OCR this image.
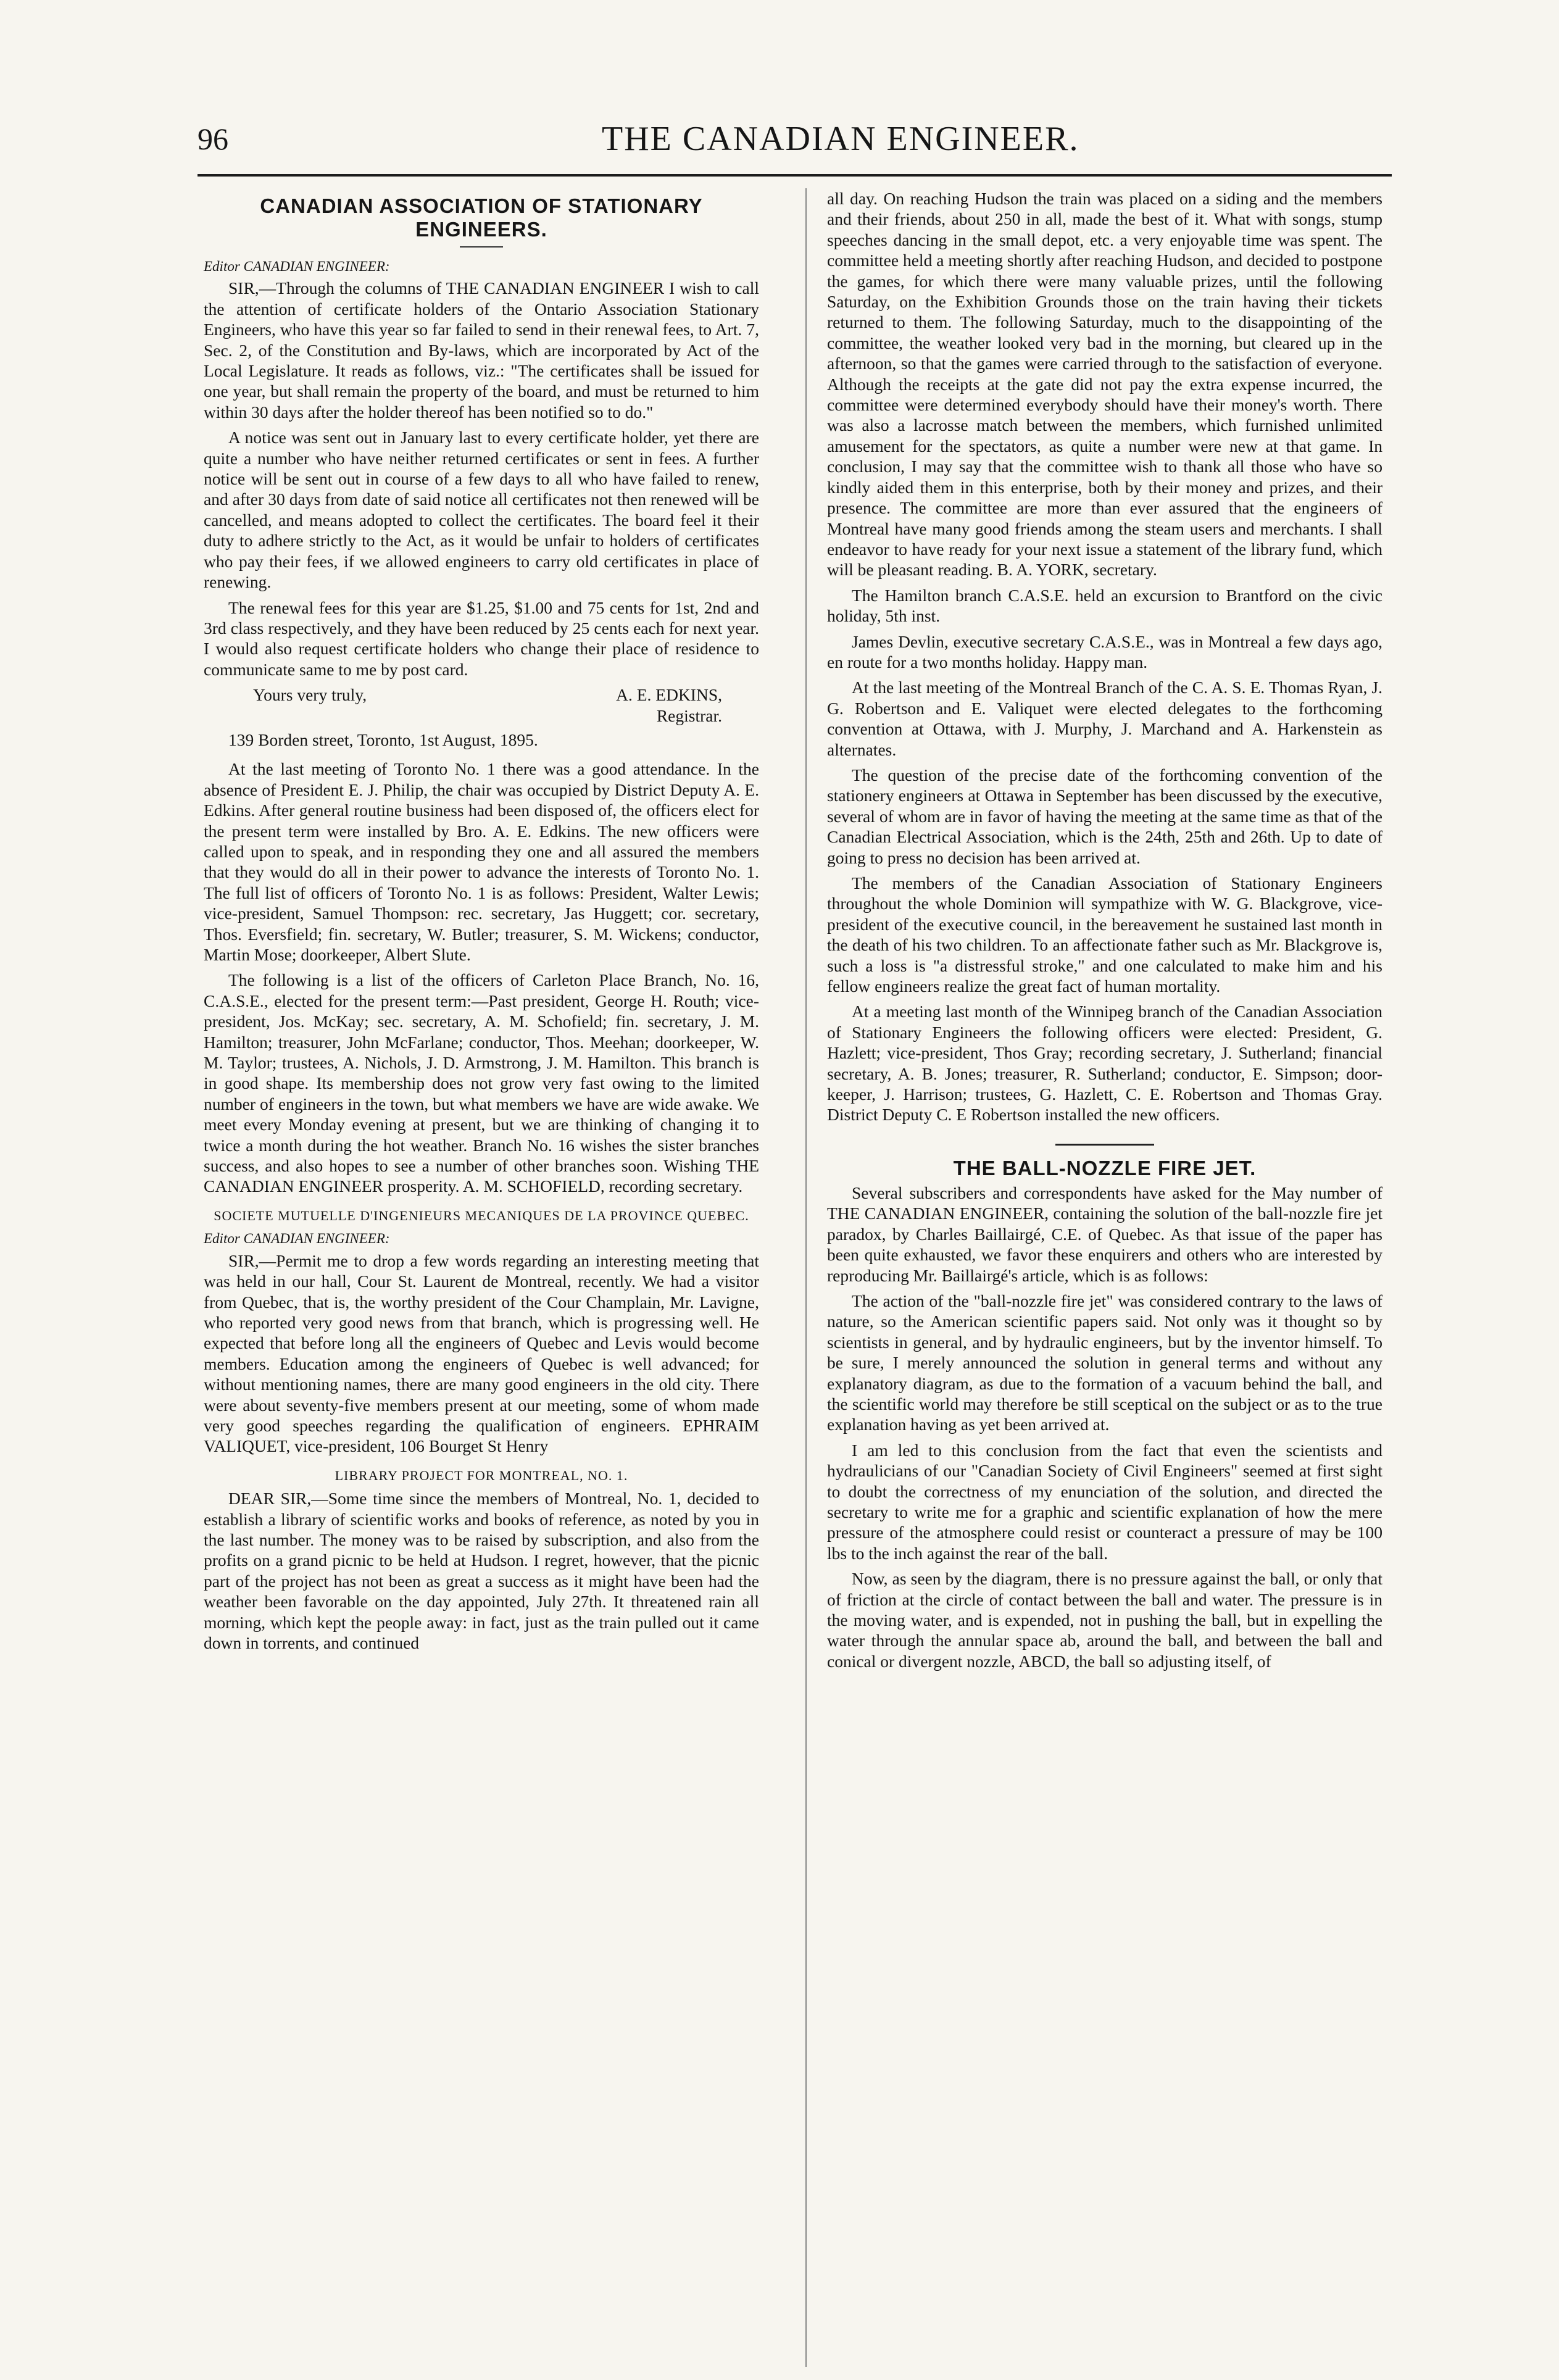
96	THE CANADIAN ENGINEER.
CANADIAN ASSOCIATION OF STATIONARY ENGINEERS.
Editor CANADIAN ENGINEER:

SIR,—Through the columns of THE CANADIAN ENGINEER I wish to call the attention of certificate holders of the Ontario Association Stationary Engineers, who have this year so far failed to send in their renewal fees, to Art. 7, Sec. 2, of the Constitution and By-laws, which are incorporated by Act of the Local Legislature. It reads as follows, viz.: "The certificates shall be issued for one year, but shall remain the property of the board, and must be returned to him within 30 days after the holder thereof has been notified so to do."

A notice was sent out in January last to every certificate holder, yet there are quite a number who have neither returned certificates or sent in fees. A further notice will be sent out in course of a few days to all who have failed to renew, and after 30 days from date of said notice all certificates not then renewed will be cancelled, and means adopted to collect the certificates. The board feel it their duty to adhere strictly to the Act, as it would be unfair to holders of certificates who pay their fees, if we allowed engineers to carry old certificates in place of renewing.

The renewal fees for this year are $1.25, $1.00 and 75 cents for 1st, 2nd and 3rd class respectively, and they have been reduced by 25 cents each for next year. I would also request certificate holders who change their place of residence to communicate same to me by post card.

Yours very truly,	A. E. EDKINS,
Registrar.
139 Borden street, Toronto, 1st August, 1895.

At the last meeting of Toronto No. 1 there was a good attendance. In the absence of President E. J. Philip, the chair was occupied by District Deputy A. E. Edkins. After general routine business had been disposed of, the officers elect for the present term were installed by Bro. A. E. Edkins. The new officers were called upon to speak, and in responding they one and all assured the members that they would do all in their power to advance the interests of Toronto No. 1. The full list of officers of Toronto No. 1 is as follows: President, Walter Lewis; vice-president, Samuel Thompson: rec. secretary, Jas Huggett; cor. secretary, Thos. Eversfield; fin. secretary, W. Butler; treasurer, S. M. Wickens; conductor, Martin Mose; doorkeeper, Albert Slute.

The following is a list of the officers of Carleton Place Branch, No. 16, C.A.S.E., elected for the present term:—Past president, George H. Routh; vice-president, Jos. McKay; sec. secretary, A. M. Schofield; fin. secretary, J. M. Hamilton; treasurer, John McFarlane; conductor, Thos. Meehan; doorkeeper, W. M. Taylor; trustees, A. Nichols, J. D. Armstrong, J. M. Hamilton. This branch is in good shape. Its membership does not grow very fast owing to the limited number of engineers in the town, but what members we have are wide awake. We meet every Monday evening at present, but we are thinking of changing it to twice a month during the hot weather. Branch No. 16 wishes the sister branches success, and also hopes to see a number of other branches soon. Wishing THE CANADIAN ENGINEER prosperity. A. M. SCHOFIELD, recording secretary.

SOCIETE MUTUELLE D'INGENIEURS MECANIQUES DE LA PROVINCE QUEBEC.
Editor CANADIAN ENGINEER:

SIR,—Permit me to drop a few words regarding an interesting meeting that was held in our hall, Cour St. Laurent de Montreal, recently. We had a visitor from Quebec, that is, the worthy president of the Cour Champlain, Mr. Lavigne, who reported very good news from that branch, which is progressing well. He expected that before long all the engineers of Quebec and Levis would become members. Education among the engineers of Quebec is well advanced; for without mentioning names, there are many good engineers in the old city. There were about seventy-five members present at our meeting, some of whom made very good speeches regarding the qualification of engineers. EPHRAIM VALIQUET, vice-president, 106 Bourget St Henry

LIBRARY PROJECT FOR MONTREAL, NO. 1.

DEAR SIR,—Some time since the members of Montreal, No. 1, decided to establish a library of scientific works and books of reference, as noted by you in the last number. The money was to be raised by subscription, and also from the profits on a grand picnic to be held at Hudson. I regret, however, that the picnic part of the project has not been as great a success as it might have been had the weather been favorable on the day appointed, July 27th. It threatened rain all morning, which kept the people away: in fact, just as the train pulled out it came down in torrents, and continued

all day. On reaching Hudson the train was placed on a siding and the members and their friends, about 250 in all, made the best of it. What with songs, stump speeches dancing in the small depot, etc. a very enjoyable time was spent. The committee held a meeting shortly after reaching Hudson, and decided to postpone the games, for which there were many valuable prizes, until the following Saturday, on the Exhibition Grounds those on the train having their tickets returned to them. The following Saturday, much to the disappointing of the committee, the weather looked very bad in the morning, but cleared up in the afternoon, so that the games were carried through to the satisfaction of everyone. Although the receipts at the gate did not pay the extra expense incurred, the committee were determined everybody should have their money's worth. There was also a lacrosse match between the members, which furnished unlimited amusement for the spectators, as quite a number were new at that game. In conclusion, I may say that the committee wish to thank all those who have so kindly aided them in this enterprise, both by their money and prizes, and their presence. The committee are more than ever assured that the engineers of Montreal have many good friends among the steam users and merchants. I shall endeavor to have ready for your next issue a statement of the library fund, which will be pleasant reading. B. A. YORK, secretary.

The Hamilton branch C.A.S.E. held an excursion to Brantford on the civic holiday, 5th inst.

James Devlin, executive secretary C.A.S.E., was in Montreal a few days ago, en route for a two months holiday. Happy man.

At the last meeting of the Montreal Branch of the C. A. S. E. Thomas Ryan, J. G. Robertson and E. Valiquet were elected delegates to the forthcoming convention at Ottawa, with J. Murphy, J. Marchand and A. Harkenstein as alternates.

The question of the precise date of the forthcoming convention of the stationery engineers at Ottawa in September has been discussed by the executive, several of whom are in favor of having the meeting at the same time as that of the Canadian Electrical Association, which is the 24th, 25th and 26th. Up to date of going to press no decision has been arrived at.

The members of the Canadian Association of Stationary Engineers throughout the whole Dominion will sympathize with W. G. Blackgrove, vice-president of the executive council, in the bereavement he sustained last month in the death of his two children. To an affectionate father such as Mr. Blackgrove is, such a loss is "a distressful stroke," and one calculated to make him and his fellow engineers realize the great fact of human mortality.

At a meeting last month of the Winnipeg branch of the Canadian Association of Stationary Engineers the following officers were elected: President, G. Hazlett; vice-president, Thos Gray; recording secretary, J. Sutherland; financial secretary, A. B. Jones; treasurer, R. Sutherland; conductor, E. Simpson; door-keeper, J. Harrison; trustees, G. Hazlett, C. E. Robertson and Thomas Gray. District Deputy C. E Robertson installed the new officers.

THE BALL-NOZZLE FIRE JET.

Several subscribers and correspondents have asked for the May number of THE CANADIAN ENGINEER, containing the solution of the ball-nozzle fire jet paradox, by Charles Baillairgé, C.E. of Quebec. As that issue of the paper has been quite exhausted, we favor these enquirers and others who are interested by reproducing Mr. Baillairgé's article, which is as follows:

The action of the "ball-nozzle fire jet" was considered contrary to the laws of nature, so the American scientific papers said. Not only was it thought so by scientists in general, and by hydraulic engineers, but by the inventor himself. To be sure, I merely announced the solution in general terms and without any explanatory diagram, as due to the formation of a vacuum behind the ball, and the scientific world may therefore be still sceptical on the subject or as to the true explanation having as yet been arrived at.

I am led to this conclusion from the fact that even the scientists and hydraulicians of our "Canadian Society of Civil Engineers" seemed at first sight to doubt the correctness of my enunciation of the solution, and directed the secretary to write me for a graphic and scientific explanation of how the mere pressure of the atmosphere could resist or counteract a pressure of may be 100 lbs to the inch against the rear of the ball.

Now, as seen by the diagram, there is no pressure against the ball, or only that of friction at the circle of contact between the ball and water. The pressure is in the moving water, and is expended, not in pushing the ball, but in expelling the water through the annular space ab, around the ball, and between the ball and conical or divergent nozzle, ABCD, the ball so adjusting itself, of
